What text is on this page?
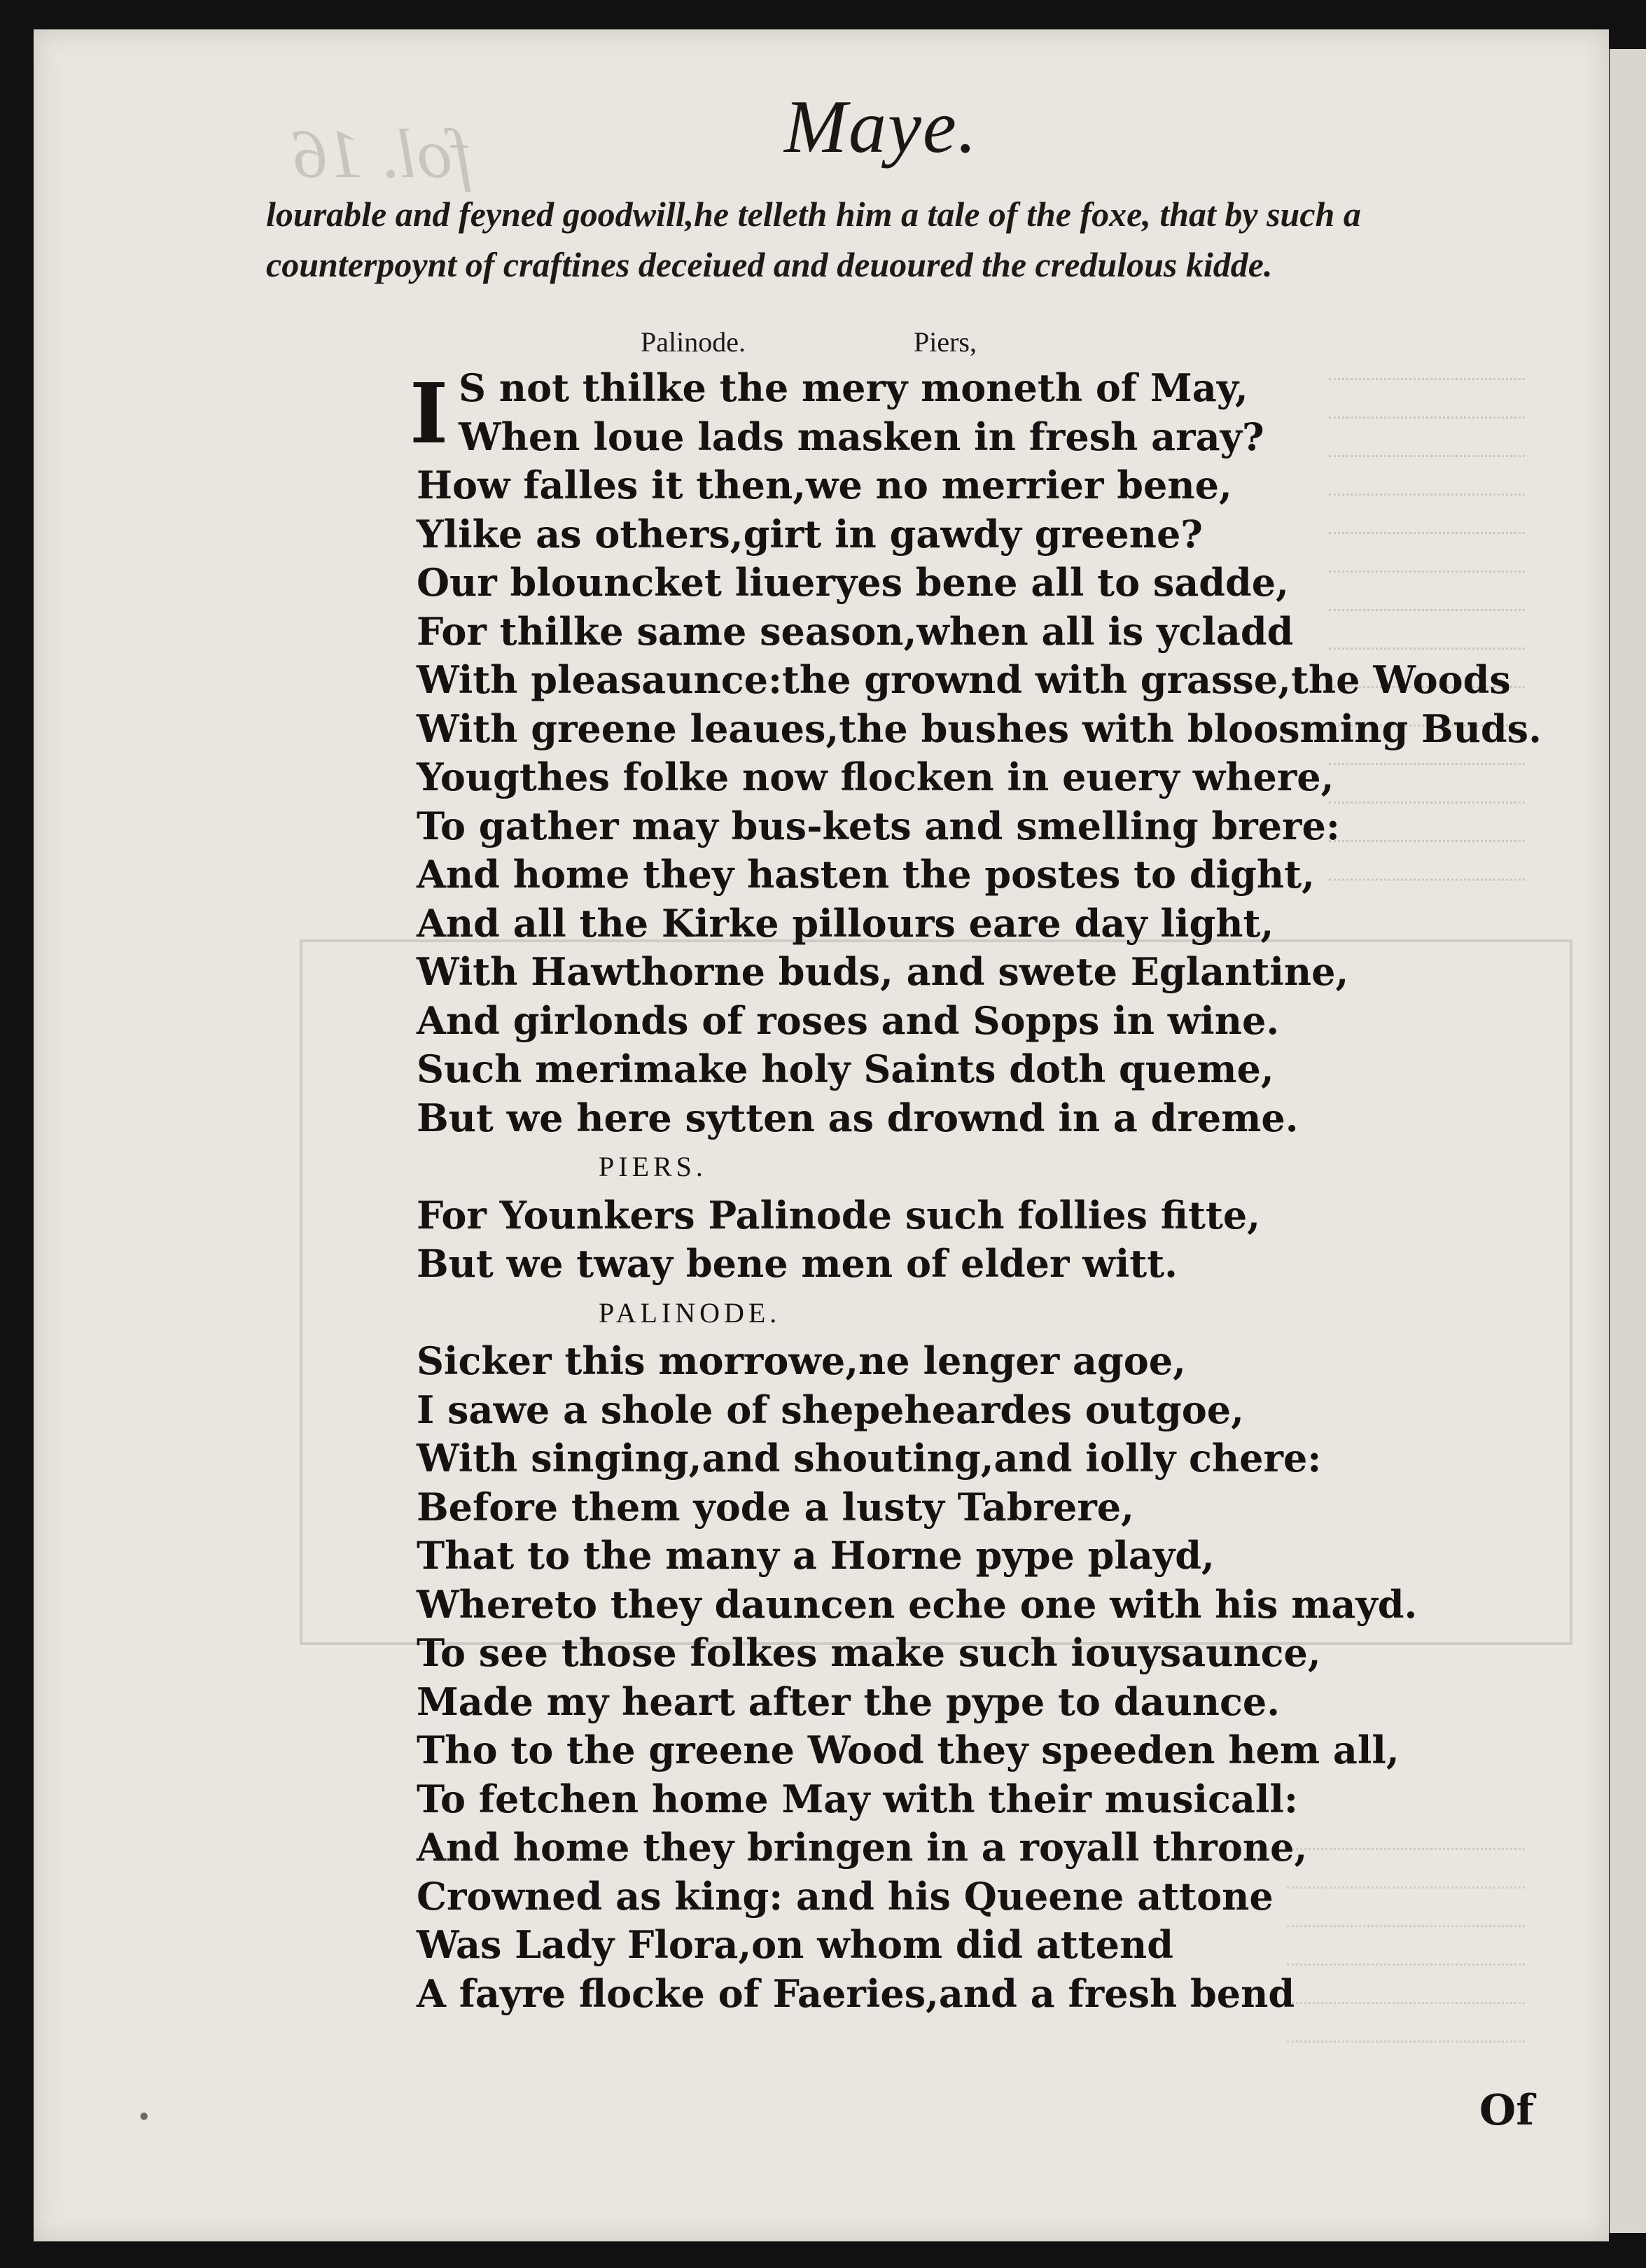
fol. 16	Maye.
lourable and feyned goodwill,he telleth him a tale of the foxe, that by such a counterpoynt of craftines deceiued and deuoured the credulous kidde.
Palinode.	Piers,
I S not thilke the mery moneth of May,
When loue lads masken in fresh aray?
How falles it then,we no merrier bene,
Ylike as others,girt in gawdy greene?
Our blouncket liueryes bene all to sadde,
For thilke same season,when all is ycladd
With pleasaunce:the grownd with grasse,the Woods
With greene leaues,the bushes with bloosming Buds.
Yougthes folke now flocken in euery where,
To gather may bus-kets and smelling brere:
And home they hasten the postes to dight,
And all the Kirke pillours eare day light,
With Hawthorne buds, and swete Eglantine,
And girlonds of roses and Sopps in wine.
Such merimake holy Saints doth queme,
But we here sytten as drownd in a dreme.
PIERS.
For Younkers Palinode such follies fitte,
But we tway bene men of elder witt.
PALINODE.
Sicker this morrowe,ne lenger agoe,
I sawe a shole of shepeheardes outgoe,
With singing,and shouting,and iolly chere:
Before them yode a lusty Tabrere,
That to the many a Horne pype playd,
Whereto they dauncen eche one with his mayd.
To see those folkes make such iouysaunce,
Made my heart after the pype to daunce.
Tho to the greene Wood they speeden hem all,
To fetchen home May with their musicall:
And home they bringen in a royall throne,
Crowned as king: and his Queene attone
Was Lady Flora,on whom did attend
A fayre flocke of Faeries,and a fresh bend
Of
•
